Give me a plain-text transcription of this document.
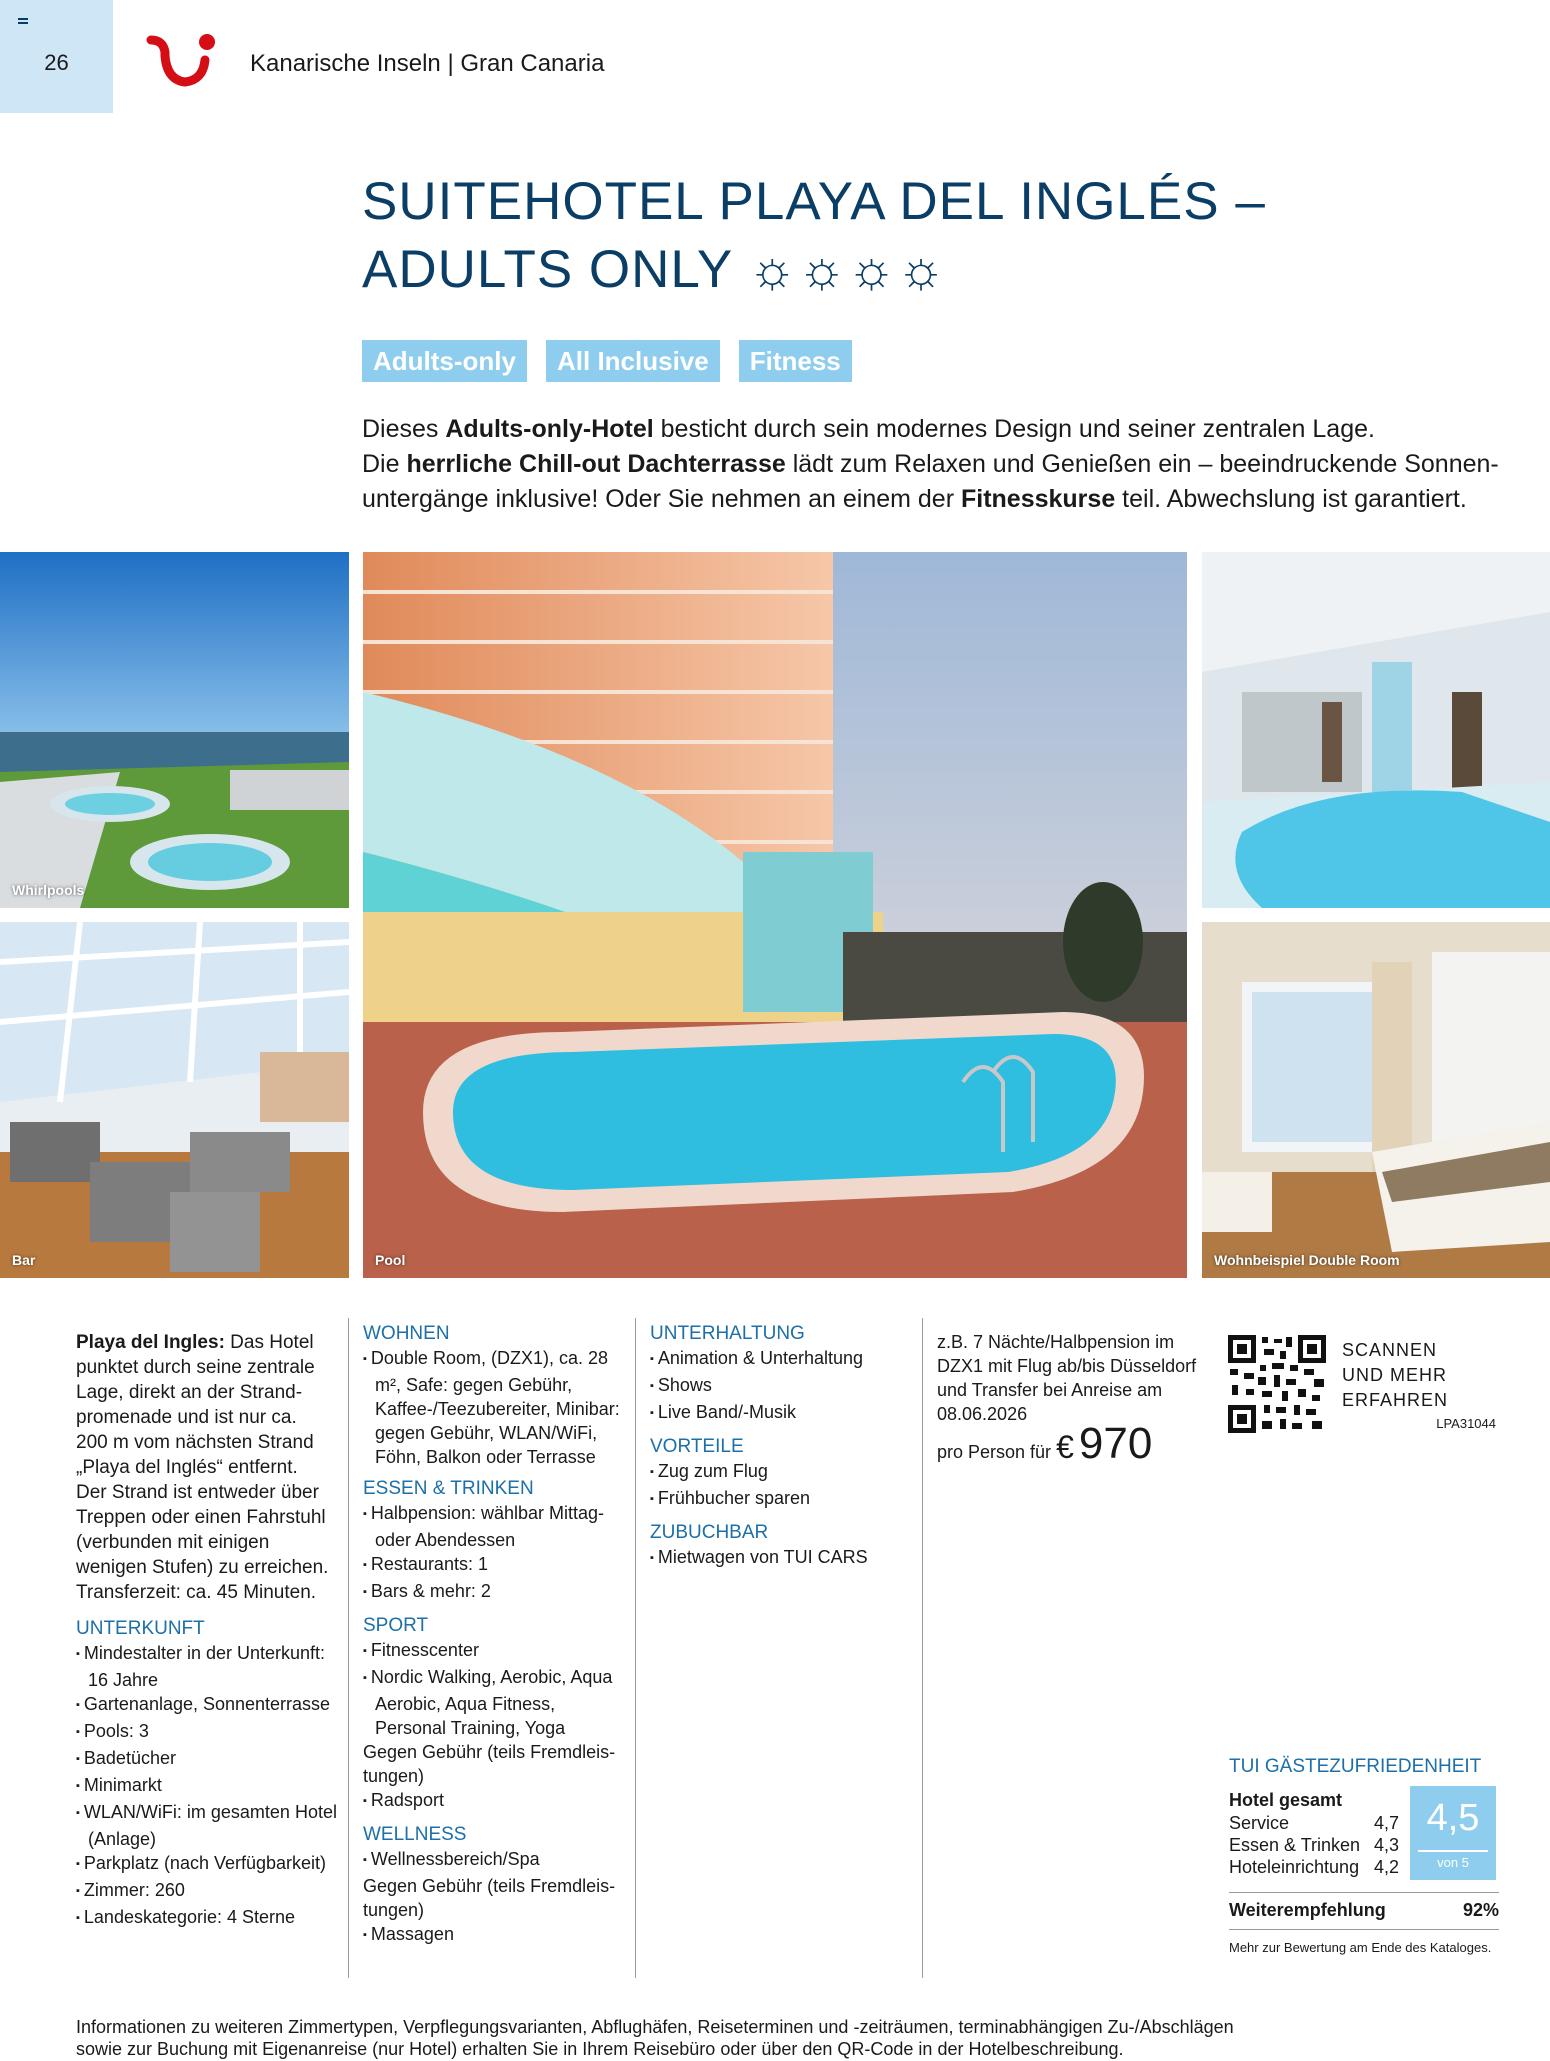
26	Kanarische Inseln | Gran Canaria
SUITEHOTEL PLAYA DEL INGLÉS –
ADULTS ONLY ☼☼☼☼
Adults-only	All Inclusive	Fitness
Dieses Adults-only-Hotel besticht durch sein modernes Design und seiner zentralen Lage.
Die herrliche Chill-out Dachterrasse lädt zum Relaxen und Genießen ein – beeindruckende Sonnen-
untergänge inklusive! Oder Sie nehmen an einem der Fitnesskurse teil. Abwechslung ist garantiert.
Whirlpools
Bar	Pool	Wohnbeispiel Double Room
Playa del Ingles: Das Hotel
punktet durch seine zentrale
Lage, direkt an der Strand-
promenade und ist nur ca.
200 m vom nächsten Strand
„Playa del Inglés“ entfernt.
Der Strand ist entweder über
Treppen oder einen Fahrstuhl
(verbunden mit einigen
wenigen Stufen) zu erreichen.
Transferzeit: ca. 45 Minuten.
UNTERKUNFT
▪ Mindestalter in der Unterkunft: 16 Jahre
▪ Gartenanlage, Sonnenterrasse
▪ Pools: 3
▪ Badetücher
▪ Minimarkt
▪ WLAN/WiFi: im gesamten Hotel (Anlage)
▪ Parkplatz (nach Verfügbarkeit)
▪ Zimmer: 260
▪ Landeskategorie: 4 Sterne
WOHNEN
▪ Double Room, (DZX1), ca. 28 m², Safe: gegen Gebühr, Kaffee-/Teezubereiter, Minibar: gegen Gebühr, WLAN/WiFi, Föhn, Balkon oder Terrasse
ESSEN & TRINKEN
▪ Halbpension: wählbar Mittag- oder Abendessen
▪ Restaurants: 1
▪ Bars & mehr: 2
SPORT
▪ Fitnesscenter
▪ Nordic Walking, Aerobic, Aqua Aerobic, Aqua Fitness, Personal Training, Yoga
Gegen Gebühr (teils Fremdleis-tungen)
▪ Radsport
WELLNESS
▪ Wellnessbereich/Spa
Gegen Gebühr (teils Fremdleis-tungen)
▪ Massagen
UNTERHALTUNG
▪ Animation & Unterhaltung
▪ Shows
▪ Live Band/-Musik
VORTEILE
▪ Zug zum Flug
▪ Frühbucher sparen
ZUBUCHBAR
▪ Mietwagen von TUI CARS
z.B. 7 Nächte/Halbpension im DZX1 mit Flug ab/bis Düsseldorf und Transfer bei Anreise am 08.06.2026
pro Person für € 970
SCANNEN
UND MEHR
ERFAHREN
LPA31044
TUI GÄSTEZUFRIEDENHEIT
Hotel gesamt
Service	4,7
Essen & Trinken 4,3
Hoteleinrichtung 4,2
4,5
von 5
Weiterempfehlung	92%
Mehr zur Bewertung am Ende des Kataloges.
Informationen zu weiteren Zimmertypen, Verpflegungsvarianten, Abflughäfen, Reiseterminen und -zeiträumen, terminabhängigen Zu-/Abschlägen
sowie zur Buchung mit Eigenanreise (nur Hotel) erhalten Sie in Ihrem Reisebüro oder über den QR-Code in der Hotelbeschreibung.
